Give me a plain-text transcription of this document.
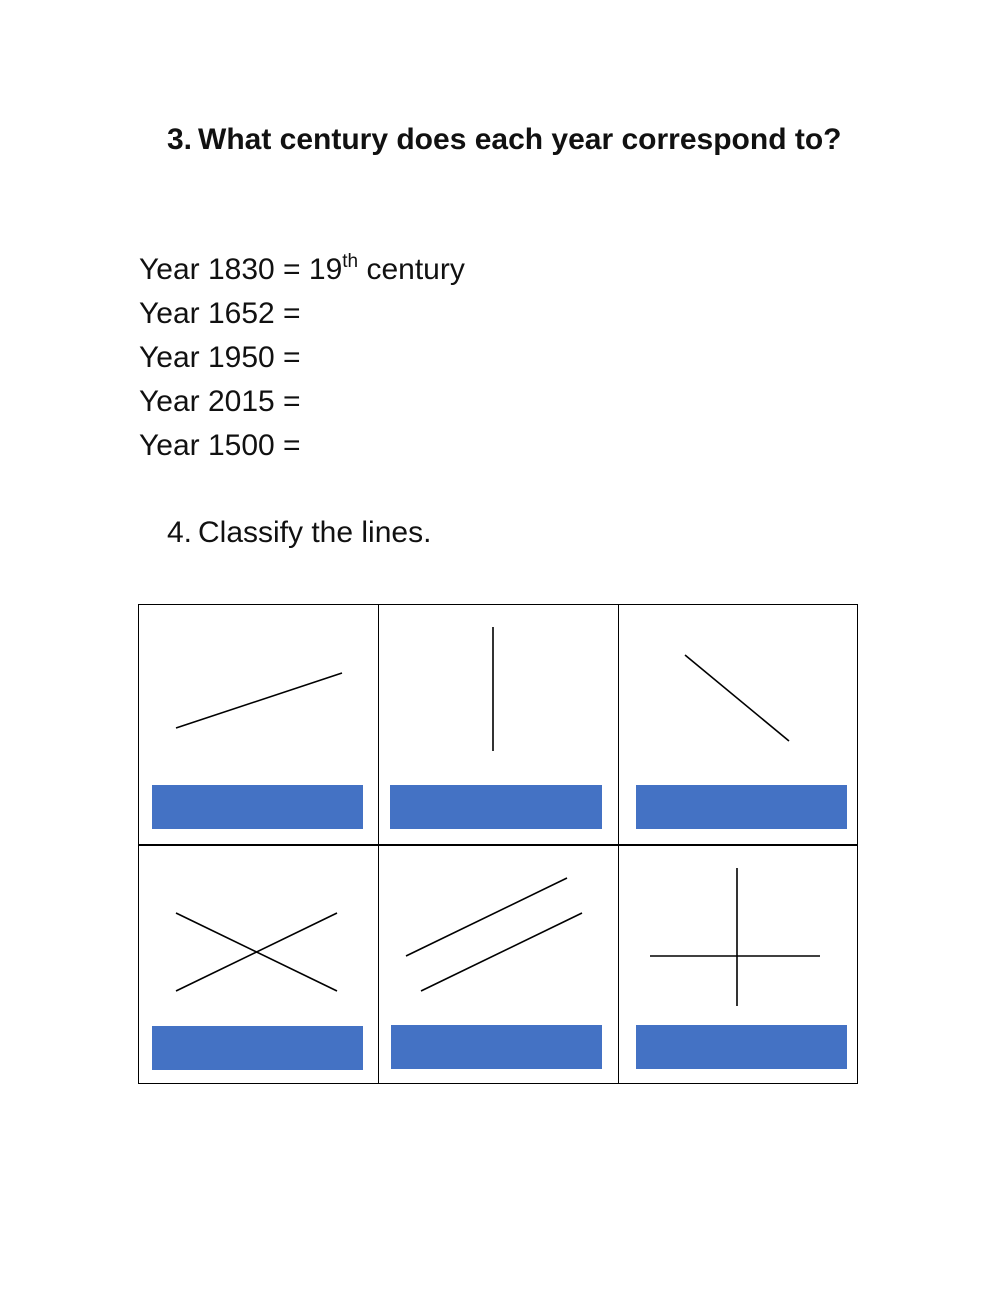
3. What century does each year correspond to?
Year 1830 = 19th century
Year 1652 =
Year 1950 =
Year 2015 =
Year 1500 =
4. Classify the lines.
